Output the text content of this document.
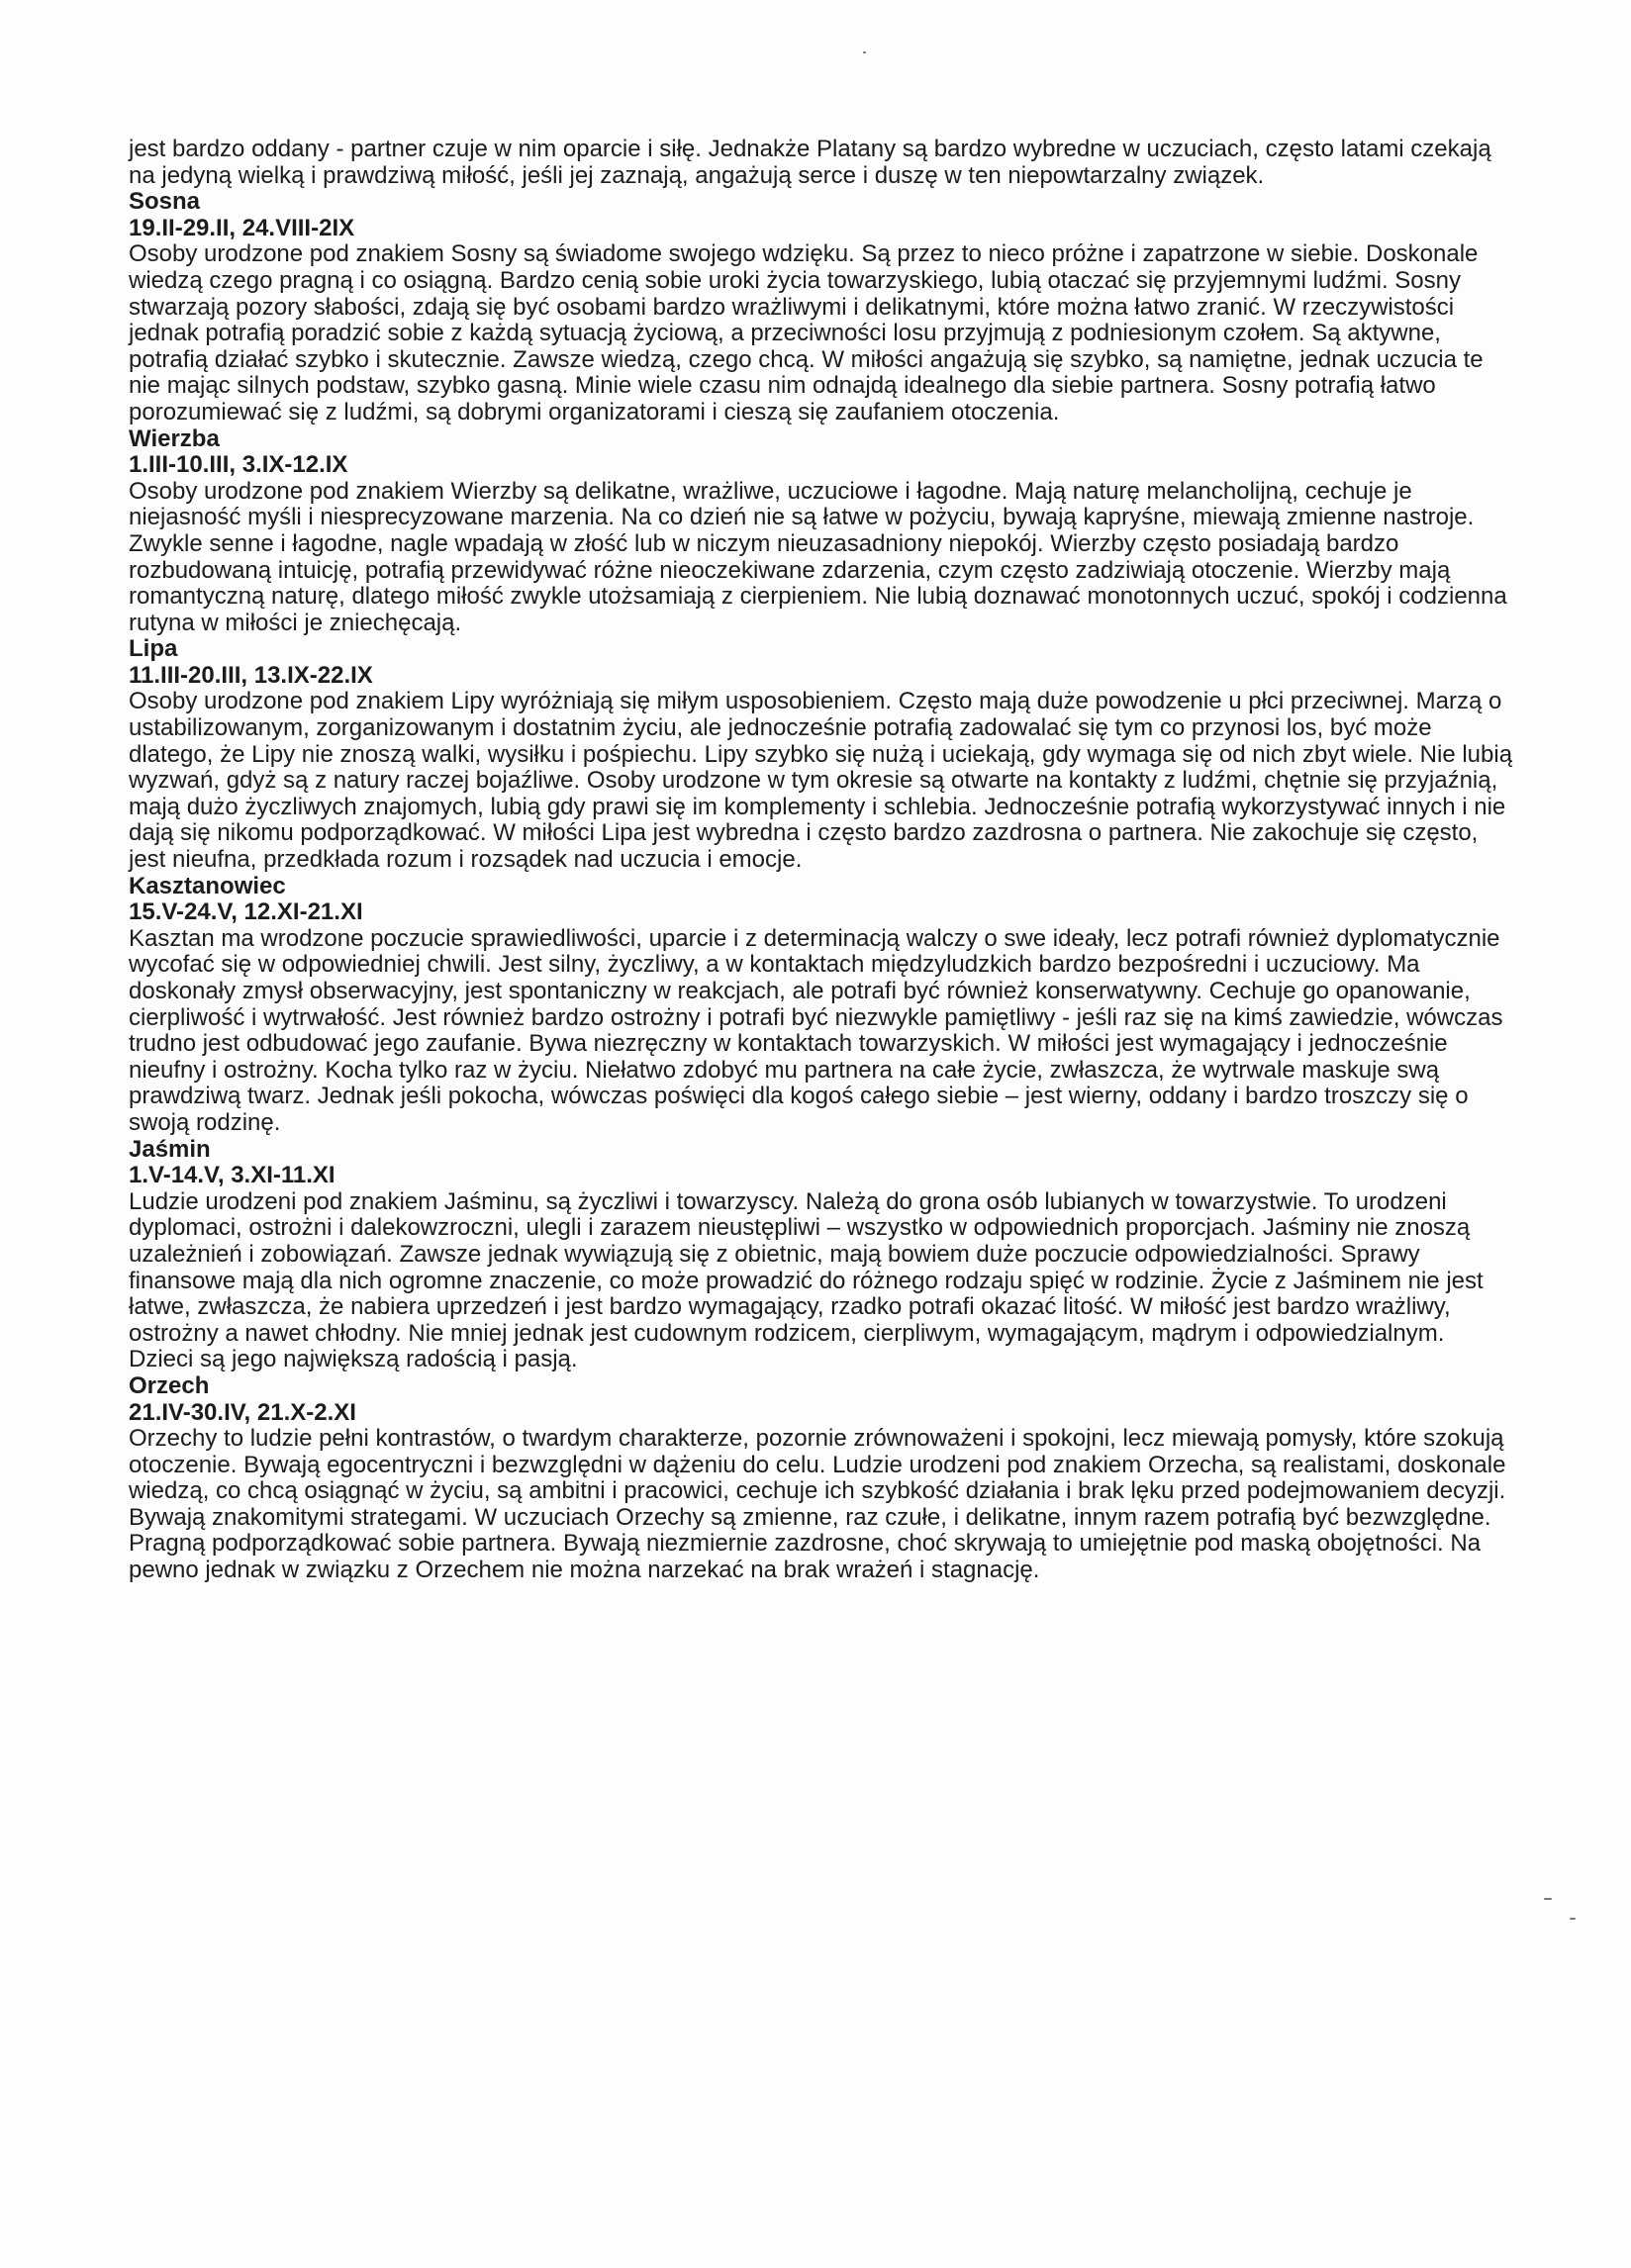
jest bardzo oddany - partner czuje w nim oparcie i siłę. Jednakże Platany są bardzo wybredne w uczuciach, często latami czekają na jedyną wielką i prawdziwą miłość, jeśli jej zaznają, angażują serce i duszę w ten niepowtarzalny związek.

Sosna
19.II-29.II, 24.VIII-2IX

Osoby urodzone pod znakiem Sosny są świadome swojego wdzięku. Są przez to nieco próżne i zapatrzone w siebie. Doskonale wiedzą czego pragną i co osiągną. Bardzo cenią sobie uroki życia towarzyskiego, lubią otaczać się przyjemnymi ludźmi. Sosny stwarzają pozory słabości, zdają się być osobami bardzo wrażliwymi i delikatnymi, które można łatwo zranić. W rzeczywistości jednak potrafią poradzić sobie z każdą sytuacją życiową, a przeciwności losu przyjmują z podniesionym czołem. Są aktywne, potrafią działać szybko i skutecznie. Zawsze wiedzą, czego chcą. W miłości angażują się szybko, są namiętne, jednak uczucia te nie mając silnych podstaw, szybko gasną. Minie wiele czasu nim odnajdą idealnego dla siebie partnera. Sosny potrafią łatwo porozumiewać się z ludźmi, są dobrymi organizatorami i cieszą się zaufaniem otoczenia.

Wierzba
1.III-10.III, 3.IX-12.IX

Osoby urodzone pod znakiem Wierzby są delikatne, wrażliwe, uczuciowe i łagodne. Mają naturę melancholijną, cechuje je niejasność myśli i niesprecyzowane marzenia. Na co dzień nie są łatwe w pożyciu, bywają kapryśne, miewają zmienne nastroje. Zwykle senne i łagodne, nagle wpadają w złość lub w niczym nieuzasadniony niepokój. Wierzby często posiadają bardzo rozbudowaną intuicję, potrafią przewidywać różne nieoczekiwane zdarzenia, czym często zadziwiają otoczenie. Wierzby mają romantyczną naturę, dlatego miłość zwykle utożsamiają z cierpieniem. Nie lubią doznawać monotonnych uczuć, spokój i codzienna rutyna w miłości je zniechęcają.

Lipa
11.III-20.III, 13.IX-22.IX

Osoby urodzone pod znakiem Lipy wyróżniają się miłym usposobieniem. Często mają duże powodzenie u płci przeciwnej. Marzą o ustabilizowanym, zorganizowanym i dostatnim życiu, ale jednocześnie potrafią zadowalać się tym co przynosi los, być może dlatego, że Lipy nie znoszą walki, wysiłku i pośpiechu. Lipy szybko się nużą i uciekają, gdy wymaga się od nich zbyt wiele. Nie lubią wyzwań, gdyż są z natury raczej bojaźliwe. Osoby urodzone w tym okresie są otwarte na kontakty z ludźmi, chętnie się przyjaźnią, mają dużo życzliwych znajomych, lubią gdy prawi się im komplementy i schlebia. Jednocześnie potrafią wykorzystywać innych i nie dają się nikomu podporządkować. W miłości Lipa jest wybredna i często bardzo zazdrosna o partnera. Nie zakochuje się często, jest nieufna, przedkłada rozum i rozsądek nad uczucia i emocje.

Kasztanowiec
15.V-24.V, 12.XI-21.XI

Kasztan ma wrodzone poczucie sprawiedliwości, uparcie i z determinacją walczy o swe ideały, lecz potrafi również dyplomatycznie wycofać się w odpowiedniej chwili. Jest silny, życzliwy, a w kontaktach międzyludzkich bardzo bezpośredni i uczuciowy. Ma doskonały zmysł obserwacyjny, jest spontaniczny w reakcjach, ale potrafi być również konserwatywny. Cechuje go opanowanie, cierpliwość i wytrwałość. Jest również bardzo ostrożny i potrafi być niezwykle pamiętliwy - jeśli raz się na kimś zawiedzie, wówczas trudno jest odbudować jego zaufanie. Bywa niezręczny w kontaktach towarzyskich. W miłości jest wymagający i jednocześnie nieufny i ostrożny. Kocha tylko raz w życiu. Niełatwo zdobyć mu partnera na całe życie, zwłaszcza, że wytrwale maskuje swą prawdziwą twarz. Jednak jeśli pokocha, wówczas poświęci dla kogoś całego siebie – jest wierny, oddany i bardzo troszczy się o swoją rodzinę.

Jaśmin
1.V-14.V, 3.XI-11.XI

Ludzie urodzeni pod znakiem Jaśminu, są życzliwi i towarzyscy. Należą do grona osób lubianych w towarzystwie. To urodzeni dyplomaci, ostrożni i dalekowzroczni, ulegli i zarazem nieustępliwi – wszystko w odpowiednich proporcjach. Jaśminy nie znoszą uzależnień i zobowiązań. Zawsze jednak wywiązują się z obietnic, mają bowiem duże poczucie odpowiedzialności. Sprawy finansowe mają dla nich ogromne znaczenie, co może prowadzić do różnego rodzaju spięć w rodzinie. Życie z Jaśminem nie jest łatwe, zwłaszcza, że nabiera uprzedzeń i jest bardzo wymagający, rzadko potrafi okazać litość. W miłość jest bardzo wrażliwy, ostrożny a nawet chłodny. Nie mniej jednak jest cudownym rodzicem, cierpliwym, wymagającym, mądrym i odpowiedzialnym. Dzieci są jego największą radością i pasją.

Orzech
21.IV-30.IV, 21.X-2.XI

Orzechy to ludzie pełni kontrastów, o twardym charakterze, pozornie zrównoważeni i spokojni, lecz miewają pomysły, które szokują otoczenie. Bywają egocentryczni i bezwzględni w dążeniu do celu. Ludzie urodzeni pod znakiem Orzecha, są realistami, doskonale wiedzą, co chcą osiągnąć w życiu, są ambitni i pracowici, cechuje ich szybkość działania i brak lęku przed podejmowaniem decyzji. Bywają znakomitymi strategami. W uczuciach Orzechy są zmienne, raz czułe, i delikatne, innym razem potrafią być bezwzględne. Pragną podporządkować sobie partnera. Bywają niezmiernie zazdrosne, choć skrywają to umiejętnie pod maską obojętności. Na pewno jednak w związku z Orzechem nie można narzekać na brak wrażeń i stagnację.
